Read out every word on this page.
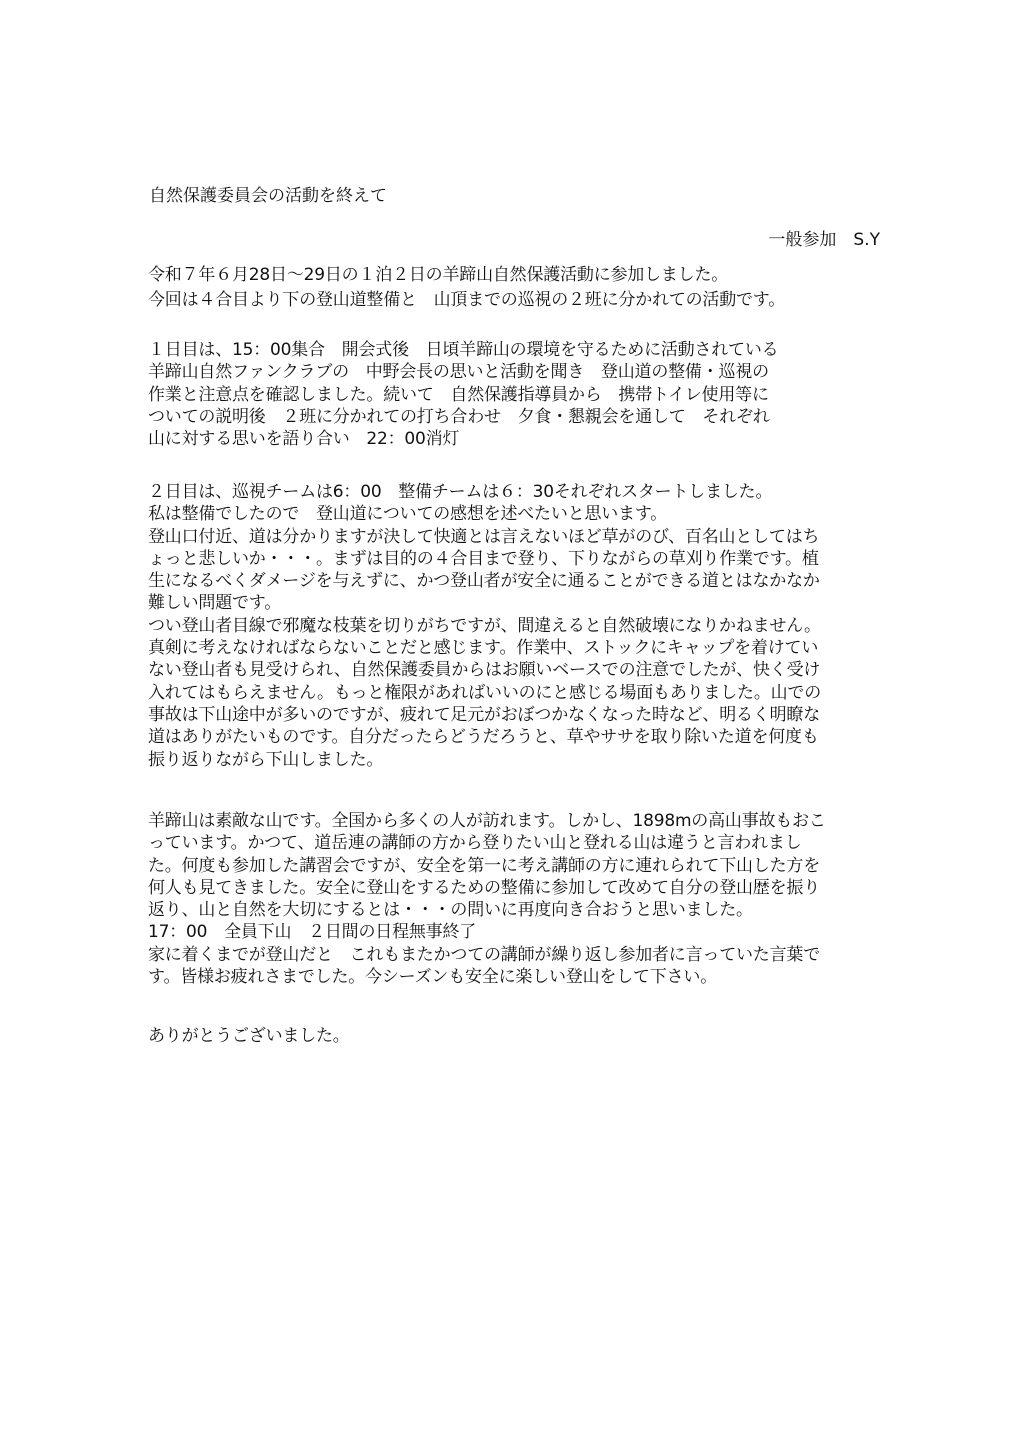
自然保護委員会の活動を終えて
一般参加　S.Y
令和７年６月28日～29日の１泊２日の羊蹄山自然保護活動に参加しました。
今回は４合目より下の登山道整備と　山頂までの巡視の２班に分かれての活動です。
１日目は、15：00集合　開会式後　日頃羊蹄山の環境を守るために活動されている
羊蹄山自然ファンクラブの　中野会長の思いと活動を聞き　登山道の整備・巡視の
作業と注意点を確認しました。続いて　自然保護指導員から　携帯トイレ使用等に
ついての説明後　２班に分かれての打ち合わせ　夕食・懇親会を通して　それぞれ
山に対する思いを語り合い　22：00消灯
２日目は、巡視チームは6：00　整備チームは６：30それぞれスタートしました。
私は整備でしたので　登山道についての感想を述べたいと思います。
登山口付近、道は分かりますが決して快適とは言えないほど草がのび、百名山としてはち
ょっと悲しいか・・・。まずは目的の４合目まで登り、下りながらの草刈り作業です。植
生になるべくダメージを与えずに、かつ登山者が安全に通ることができる道とはなかなか
難しい問題です。
つい登山者目線で邪魔な枝葉を切りがちですが、間違えると自然破壊になりかねません。
真剣に考えなければならないことだと感じます。作業中、ストックにキャップを着けてい
ない登山者も見受けられ、自然保護委員からはお願いベースでの注意でしたが、快く受け
入れてはもらえません。もっと権限があればいいのにと感じる場面もありました。山での
事故は下山途中が多いのですが、疲れて足元がおぼつかなくなった時など、明るく明瞭な
道はありがたいものです。自分だったらどうだろうと、草やササを取り除いた道を何度も
振り返りながら下山しました。
羊蹄山は素敵な山です。全国から多くの人が訪れます。しかし、1898mの高山事故もおこ
っています。かつて、道岳連の講師の方から登りたい山と登れる山は違うと言われまし
た。何度も参加した講習会ですが、安全を第一に考え講師の方に連れられて下山した方を
何人も見てきました。安全に登山をするための整備に参加して改めて自分の登山歴を振り
返り、山と自然を大切にするとは・・・の問いに再度向き合おうと思いました。
17：00　全員下山　２日間の日程無事終了
家に着くまでが登山だと　これもまたかつての講師が繰り返し参加者に言っていた言葉で
す。皆様お疲れさまでした。今シーズンも安全に楽しい登山をして下さい。
ありがとうございました。
